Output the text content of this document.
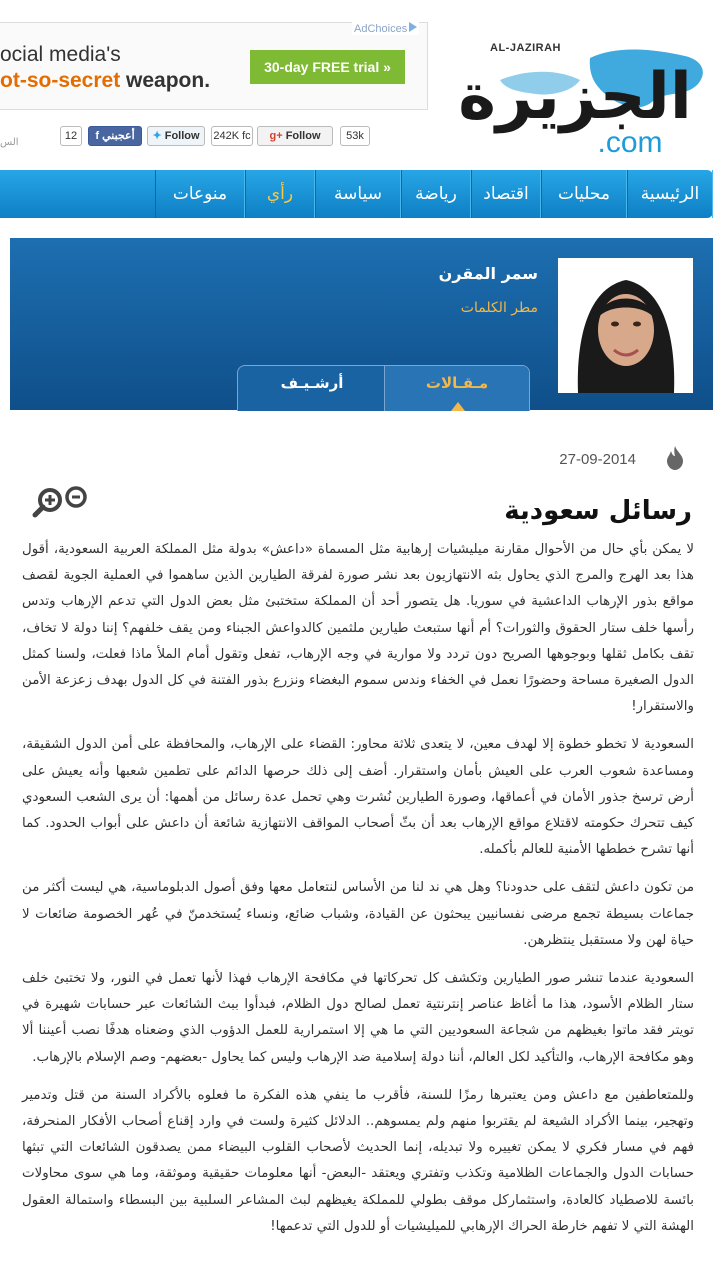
ocial media's
ot-so-secret weapon.
30-day FREE trial »
AdChoices
AL-JAZIRAH
الجزيرة
.com
12	f أعجبني	✦ Follow	242K fc	g+ Follow	53k
الس
الرئيسية
محليات
اقتصاد
رياضة
سياسة
رأي
منوعات
سمر المقرن
مطر الكلمات
مـقـالات
أرشـيـف
27-09-2014
رسائل سعودية

لا يمكن بأي حال من الأحوال مقارنة ميليشيات إرهابية مثل المسماة «داعش» بدولة مثل المملكة العربية السعودية، أقول هذا بعد الهرج والمرج الذي يحاول بثه الانتهازيون بعد نشر صورة لفرقة الطيارين الذين ساهموا في العملية الجوية لقصف مواقع بذور الإرهاب الداعشية في سوريا. هل يتصور أحد أن المملكة ستختبئ مثل بعض الدول التي تدعم الإرهاب وتدس رأسها خلف ستار الحقوق والثورات؟ أم أنها ستبعث طيارين ملثمين كالدواعش الجبناء ومن يقف خلفهم؟ إننا دولة لا تخاف، تقف بكامل ثقلها وبوجوهها الصريح دون تردد ولا موارية في وجه الإرهاب، تفعل وتقول أمام الملأ ماذا فعلت، ولسنا كمثل الدول الصغيرة مساحة وحضورًا نعمل في الخفاء وندس سموم البغضاء ونزرع بذور الفتنة في كل الدول بهدف زعزعة الأمن والاستقرار!

السعودية لا تخطو خطوة إلا لهدف معين، لا يتعدى ثلاثة محاور: القضاء على الإرهاب، والمحافظة على أمن الدول الشقيقة، ومساعدة شعوب العرب على العيش بأمان واستقرار. أضف إلى ذلك حرصها الدائم على تطمين شعبها وأنه يعيش على أرض ترسخ جذور الأمان في أعماقها، وصورة الطيارين نُشرت وهي تحمل عدة رسائل من أهمها: أن يرى الشعب السعودي كيف تتحرك حكومته لاقتلاع مواقع الإرهاب بعد أن بثّ أصحاب المواقف الانتهازية شائعة أن داعش على أبواب الحدود. كما أنها تشرح خططها الأمنية للعالم بأكمله.

من تكون داعش لتقف على حدودنا؟ وهل هي ند لنا من الأساس لنتعامل معها وفق أصول الدبلوماسية، هي ليست أكثر من جماعات بسيطة تجمع مرضى نفسانيين يبحثون عن القيادة، وشباب ضائع، ونساء يُستخدمنّ في عُهر الخصومة ضائعات لا حياة لهن ولا مستقبل ينتظرهن.

السعودية عندما تنشر صور الطيارين وتكشف كل تحركاتها في مكافحة الإرهاب فهذا لأنها تعمل في النور، ولا تختبئ خلف ستار الظلام الأسود، هذا ما أغاظ عناصر إنترنتية تعمل لصالح دول الظلام، فبدأوا ببث الشائعات عبر حسابات شهيرة في تويتر فقد ماتوا بغيظهم من شجاعة السعوديين التي ما هي إلا استمرارية للعمل الدؤوب الذي وضعناه هدفًا نصب أعيننا ألا وهو مكافحة الإرهاب، والتأكيد لكل العالم، أننا دولة إسلامية ضد الإرهاب وليس كما يحاول -بعضهم- وصم الإسلام بالإرهاب.

وللمتعاطفين مع داعش ومن يعتبرها رمزًا للسنة، فأقرب ما ينفي هذه الفكرة ما فعلوه بالأكراد السنة من قتل وتدمير وتهجير، بينما الأكراد الشيعة لم يقتربوا منهم ولم يمسوهم.. الدلائل كثيرة ولست في وارد إقناع أصحاب الأفكار المنحرفة، فهم في مسار فكري لا يمكن تغييره ولا تبديله، إنما الحديث لأصحاب القلوب البيضاء ممن يصدقون الشائعات التي تبثها حسابات الدول والجماعات الظلامية وتكذب وتفتري ويعتقد -البعض- أنها معلومات حقيقية وموثقة، وما هي سوى محاولات بائسة للاصطياد كالعادة، واستثماركل موقف بطولي للمملكة يغيظهم لبث المشاعر السلبية بين البسطاء واستمالة العقول الهشة التي لا تفهم خارطة الحراك الإرهابي للميليشيات أو للدول التي تدعمها!
